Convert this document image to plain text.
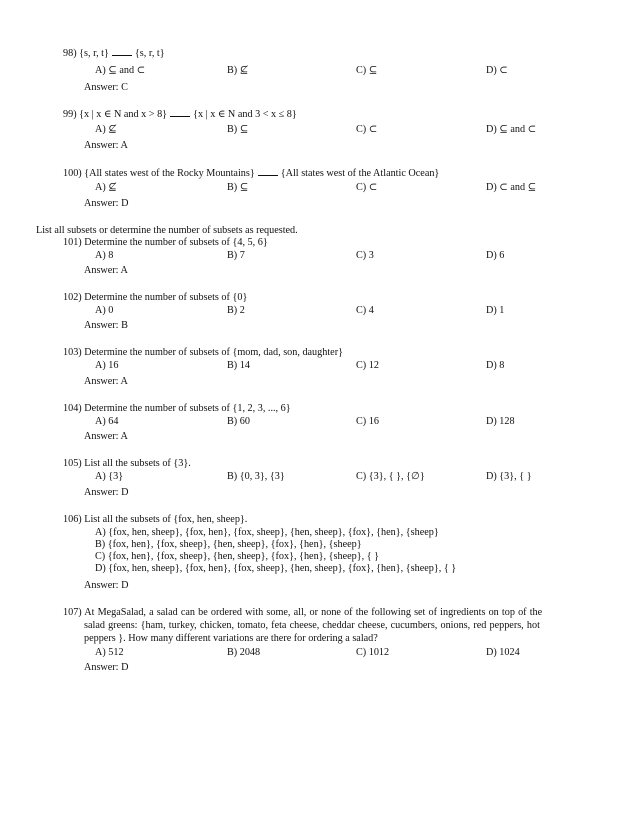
98) {s, r, t}	{s, r, t}
A) ⊆ and ⊂	B) ⊈	C) ⊆	D) ⊂
Answer: C
99) {x | x ∈ N and x > 8}	{x | x ∈ N and 3 < x ≤ 8}
A) ⊈	B) ⊆	C) ⊂	D) ⊆ and ⊂
Answer: A
100) {All states west of the Rocky Mountains}	{All states west of the Atlantic Ocean}
A) ⊈	B) ⊆	C) ⊂	D) ⊂ and ⊆
Answer: D
List all subsets or determine the number of subsets as requested.
101) Determine the number of subsets of {4, 5, 6}
A) 8	B) 7	C) 3	D) 6
Answer: A
102) Determine the number of subsets of {0}
A) 0	B) 2	C) 4	D) 1
Answer: B
103) Determine the number of subsets of {mom, dad, son, daughter}
A) 16	B) 14	C) 12	D) 8
Answer: A
104) Determine the number of subsets of {1, 2, 3, ..., 6}
A) 64	B) 60	C) 16	D) 128
Answer: A
105) List all the subsets of {3}.
A) {3}	B) {0, 3}, {3}	C) {3}, { }, {∅}	D) {3}, { }
Answer: D
106) List all the subsets of {fox, hen, sheep}.
A) {fox, hen, sheep}, {fox, hen}, {fox, sheep}, {hen, sheep}, {fox}, {hen}, {sheep}
B) {fox, hen}, {fox, sheep}, {hen, sheep}, {fox}, {hen}, {sheep}
C) {fox, hen}, {fox, sheep}, {hen, sheep}, {fox}, {hen}, {sheep}, { }
D) {fox, hen, sheep}, {fox, hen}, {fox, sheep}, {hen, sheep}, {fox}, {hen}, {sheep}, { }
Answer: D
107) At MegaSalad, a salad can be ordered with some, all, or none of the following set of ingredients on top of the
salad greens: {ham, turkey, chicken, tomato, feta cheese, cheddar cheese, cucumbers, onions, red peppers, hot
peppers }. How many different variations are there for ordering a salad?
A) 512	B) 2048	C) 1012	D) 1024
Answer: D
